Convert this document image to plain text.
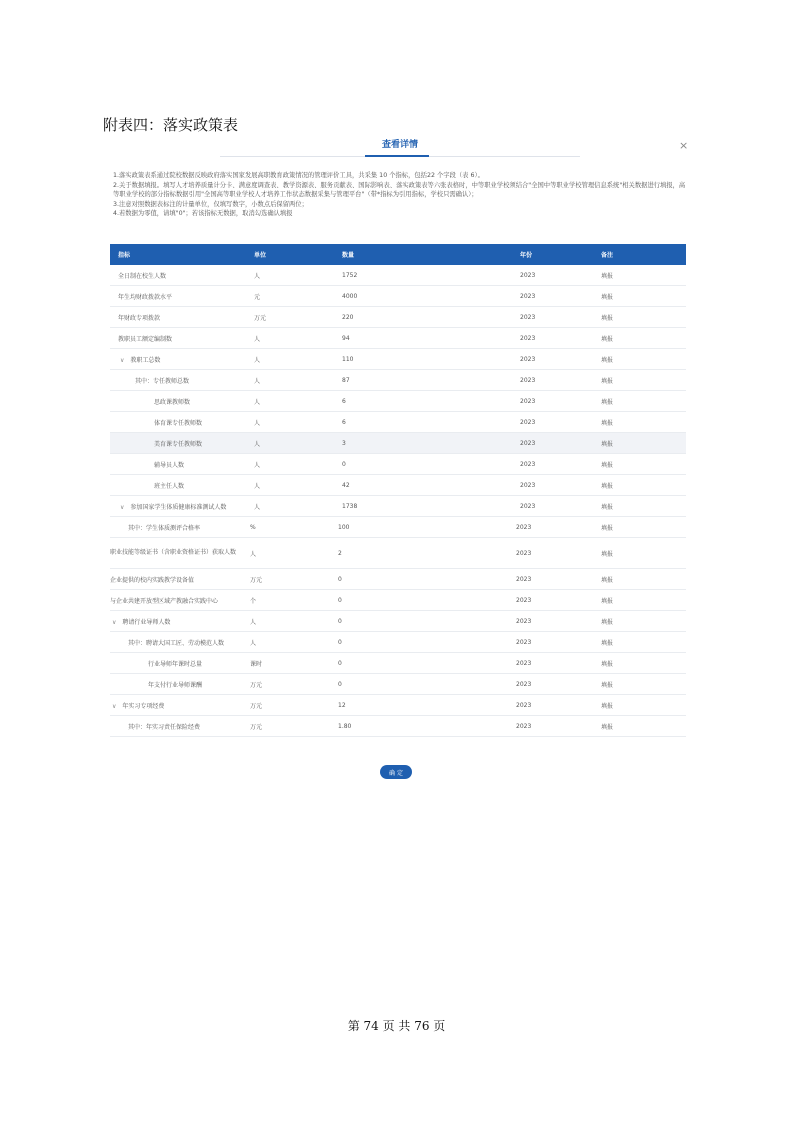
附表四：落实政策表
查看详情	×

1.落实政策表系通过院校数据反映政府落实国家发展高职教育政策情况的管理评价工具，共采集 10 个指标，包括22 个字段（表 6）。

2.关于数据填报。填写人才培养质量计分卡、满意度调查表、教学资源表、服务贡献表、国际影响表、落实政策表等六张表格时，中等职业学校须结合"全国中等职业学校管理信息系统"相关数据进行填报，高等职业学校的部分指标数据引用"全国高等职业学校人才培养工作状态数据采集与管理平台"（带*指标为引用指标，学校只需确认）；

3.注意对照数据表标注的计量单位，仅填写数字，小数点后保留两位；

4.若数据为零值，请填"0"；若该指标无数据，取消勾选确认填报

指标	单位	数量	年份	备注
全日制在校生人数	人	1752	2023	填报
年生均财政拨款水平	元	4000	2023	填报
年财政专项拨款	万元	220	2023	填报
教职员工额定编制数	人	94	2023	填报
∨ 教职工总数	人	110	2023	填报
其中：专任教师总数	人	87	2023	填报
思政课教师数	人	6	2023	填报
体育课专任教师数	人	6	2023	填报
美育课专任教师数	人	3	2023	填报
辅导员人数	人	0	2023	填报
班主任人数	人	42	2023	填报
∨ 参加国家学生体质健康标准测试人数	人	1738	2023	填报
其中：学生体质测评合格率	%	100	2023	填报
职业技能等级证书（含职业资格证书）获取人数	人	2	2023	填报
企业提供的校内实践教学设备值	万元	0	2023	填报
与企业共建开放型区域产教融合实践中心	个	0	2023	填报
∨ 聘请行业导师人数	人	0	2023	填报
其中：聘请大国工匠、劳动模范人数	人	0	2023	填报
行业导师年课时总量	课时	0	2023	填报
年支付行业导师课酬	万元	0	2023	填报
∨ 年实习专项经费	万元	12	2023	填报
其中：年实习责任保险经费	万元	1.80	2023	填报
确 定
第 74 页 共 76 页
